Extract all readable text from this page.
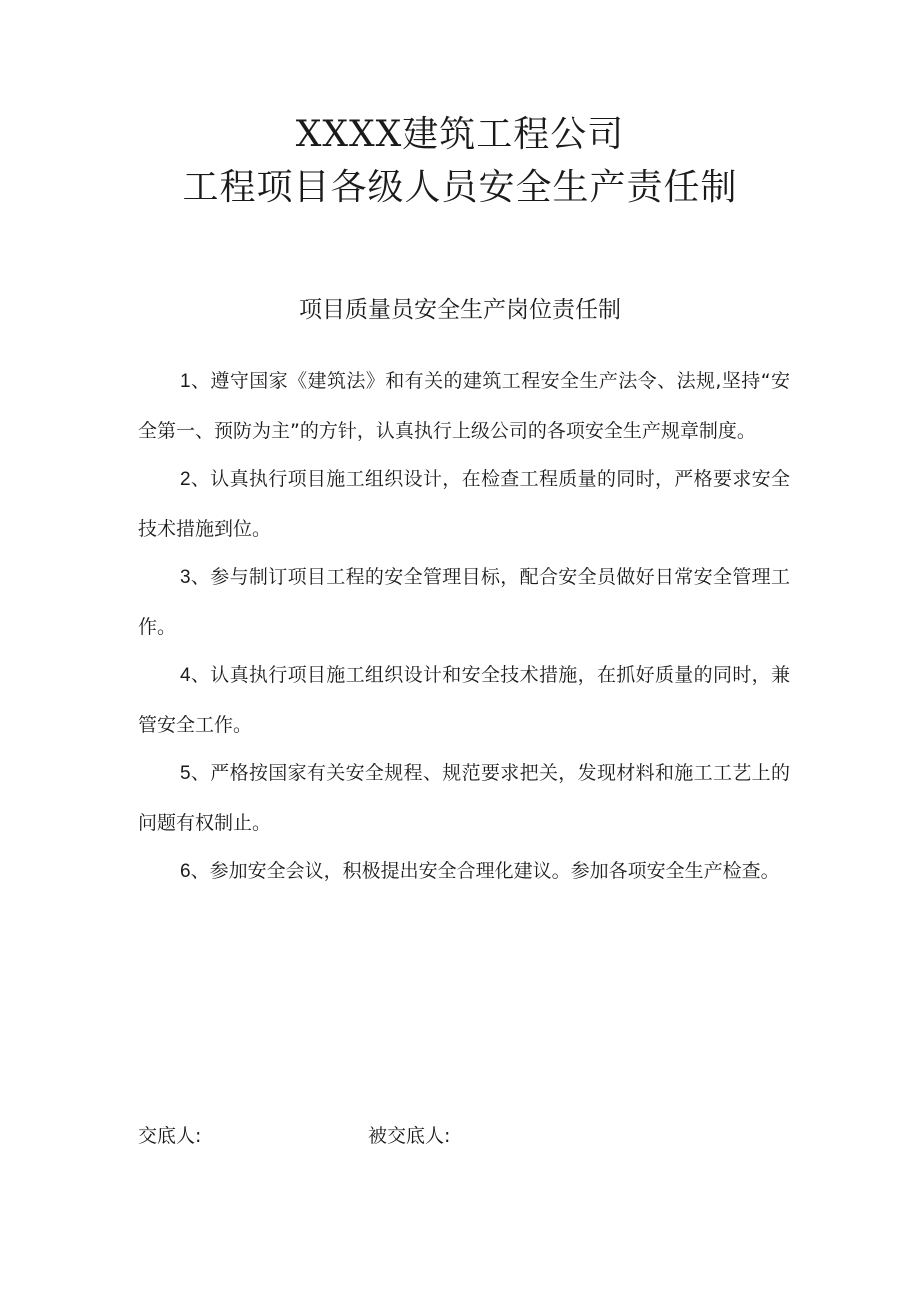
XXXX建筑工程公司
工程项目各级人员安全生产责任制
项目质量员安全生产岗位责任制

1、遵守国家《建筑法》和有关的建筑工程安全生产法令、法规,坚持“安全第一、预防为主”的方针，认真执行上级公司的各项安全生产规章制度。

2、认真执行项目施工组织设计，在检查工程质量的同时，严格要求安全技术措施到位。

3、参与制订项目工程的安全管理目标，配合安全员做好日常安全管理工作。

4、认真执行项目施工组织设计和安全技术措施，在抓好质量的同时，兼管安全工作。

5、严格按国家有关安全规程、规范要求把关，发现材料和施工工艺上的问题有权制止。

6、参加安全会议，积极提出安全合理化建议。参加各项安全生产检查。

交底人:	被交底人:
